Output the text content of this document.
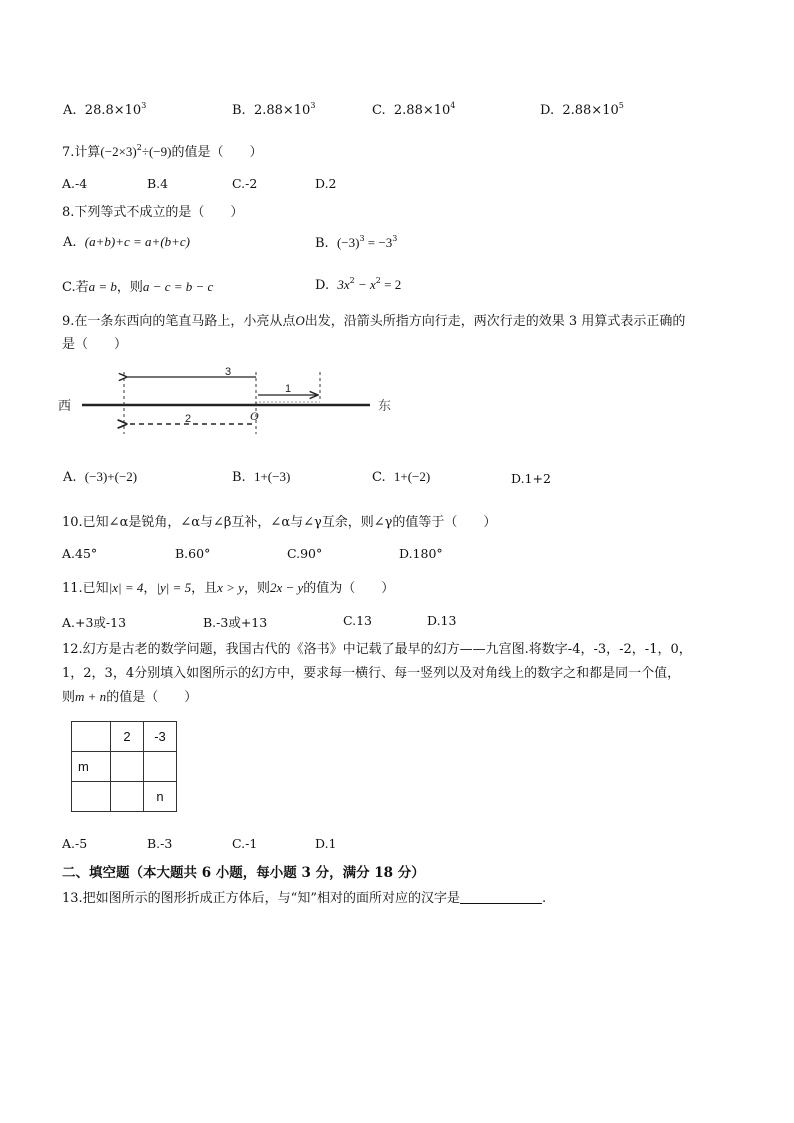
A. $28.8\times 10^3$	B. $2.88\times 10^3$	C. $2.88\times 10^4$	D. $2.88\times 10^5$
7.计算$(-2\times 3)^2\div(-9)$的值是（　　）
A.-4	B.4	C.-2	D.2
8.下列等式不成立的是（　　）
A. (a+b)+c = a+(b+c)	B. $(-3)^3 = -3^3$
C.若a = b，则a − c = b − c	D. $3x^2 - x^2 = 2$
9.在一条东西向的笔直马路上，小亮从点O出发，沿箭头所指方向行走，两次行走的效果 3 用算式表示正确的
是（　　）
西	东
O
3
1
2
A. (−3)+(−2)	B. 1+(−3)	C. 1+(−2)	D.1+2
10.已知∠α是锐角，∠α与∠β互补，∠α与∠γ互余，则∠γ的值等于（　　）
A.45°	B.60°	C.90°	D.180°
11.已知|x| = 4，|y| = 5，且x > y，则2x − y的值为（　　）
A.+3或-13	B.-3或+13	C.13	D.13
12.幻方是古老的数学问题，我国古代的《洛书》中记载了最早的幻方——九宫图.将数字-4，-3，-2，-1，0，
1，2，3，4分别填入如图所示的幻方中，要求每一横行、每一竖列以及对角线上的数字之和都是同一个值，
则m + n的值是（　　）
	2	-3
m		
		n
A.-5	B.-3	C.-1	D.1
二、填空题（本大题共 6 小题，每小题 3 分，满分 18 分）
13.把如图所示的图形折成正方体后，与“知”相对的面所对应的汉字是	.
